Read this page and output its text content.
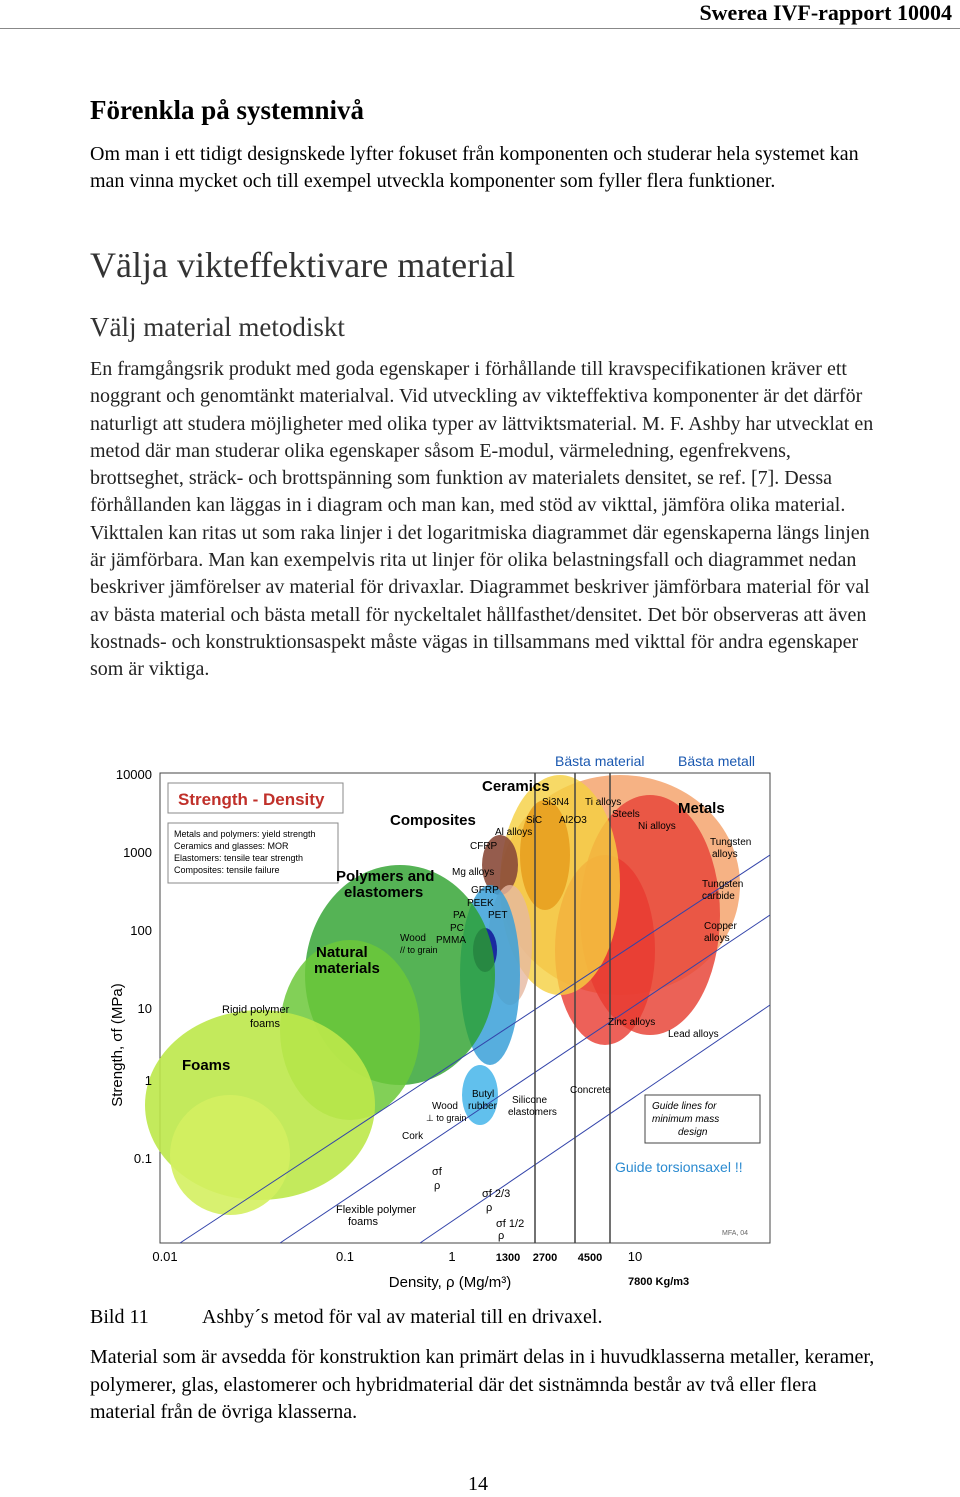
Swerea IVF-rapport 10004
Förenkla på systemnivå

Om man i ett tidigt designskede lyfter fokuset från komponenten och studerar hela systemet kan man vinna mycket och till exempel utveckla komponenter som fyller flera funktioner.

Välja vikteffektivare material
Välj material metodiskt

En framgångsrik produkt med goda egenskaper i förhållande till kravspecifikationen kräver ett noggrant och genomtänkt materialval. Vid utveckling av vikteffektiva komponenter är det därför naturligt att studera möjligheter med olika typer av lättviktsmaterial. M. F. Ashby har utvecklat en metod där man studerar olika egenskaper såsom E-modul, värmeledning, egenfrekvens, brottseghet, sträck- och brottspänning som funktion av materialets densitet, se ref. [7]. Dessa förhållanden kan läggas in i diagram och man kan, med stöd av vikttal, jämföra olika material. Vikttalen kan ritas ut som raka linjer i det logaritmiska diagrammet där egenskaperna längs linjen är jämförbara. Man kan exempelvis rita ut linjer för olika belastningsfall och diagrammet nedan beskriver jämförelser av material för drivaxlar. Diagrammet beskriver jämförbara material för val av bästa material och bästa metall för nyckeltalet hållfasthet/densitet. Det bör observeras att även kostnads- och konstruktionsaspekt måste vägas in tillsammans med vikttal för andra egenskaper som är viktiga.

Bästa material Bästa metall
Strength - Density
Metals and polymers: yield strength
Ceramics and glasses: MOR
Elastomers: tensile tear strength
Composites: tensile failure
10000
1000
100
10
1
0.1
Strength, σf (MPa)
0.01	0.1	1	10
1300 2700 4500
7800 Kg/m3
Density, ρ (Mg/m³)
Ceramics
Composites
Metals
Polymers and
elastomers
Natural
materials
Foams
Rigid polymer
foams
Flexible polymer
foams
Si3N4 Ti alloys
SiC Al2O3
Steels
Ni alloys
Al alloys
CFRP	Tungsten
alloys
Mg alloys
GFRP
PEEK
PA PET
PC
PMMA
Tungsten
carbide
Copper
alloys
Wood
// to grain
Zinc alloys
Lead alloys
Concrete
Butyl
rubber
Silicone
elastomers
Wood
⊥ to grain
Cork
σf
ρ
σf 2/3
ρ
σf 1/2
ρ
Guide lines for
minimum mass
design
Guide torsionsaxel !!
MFA, 04
Bild 11	Ashby´s metod för val av material till en drivaxel.

Material som är avsedda för konstruktion kan primärt delas in i huvudklasserna metaller, keramer, polymerer, glas, elastomerer och hybridmaterial där det sistnämnda består av två eller flera material från de övriga klasserna.

14
